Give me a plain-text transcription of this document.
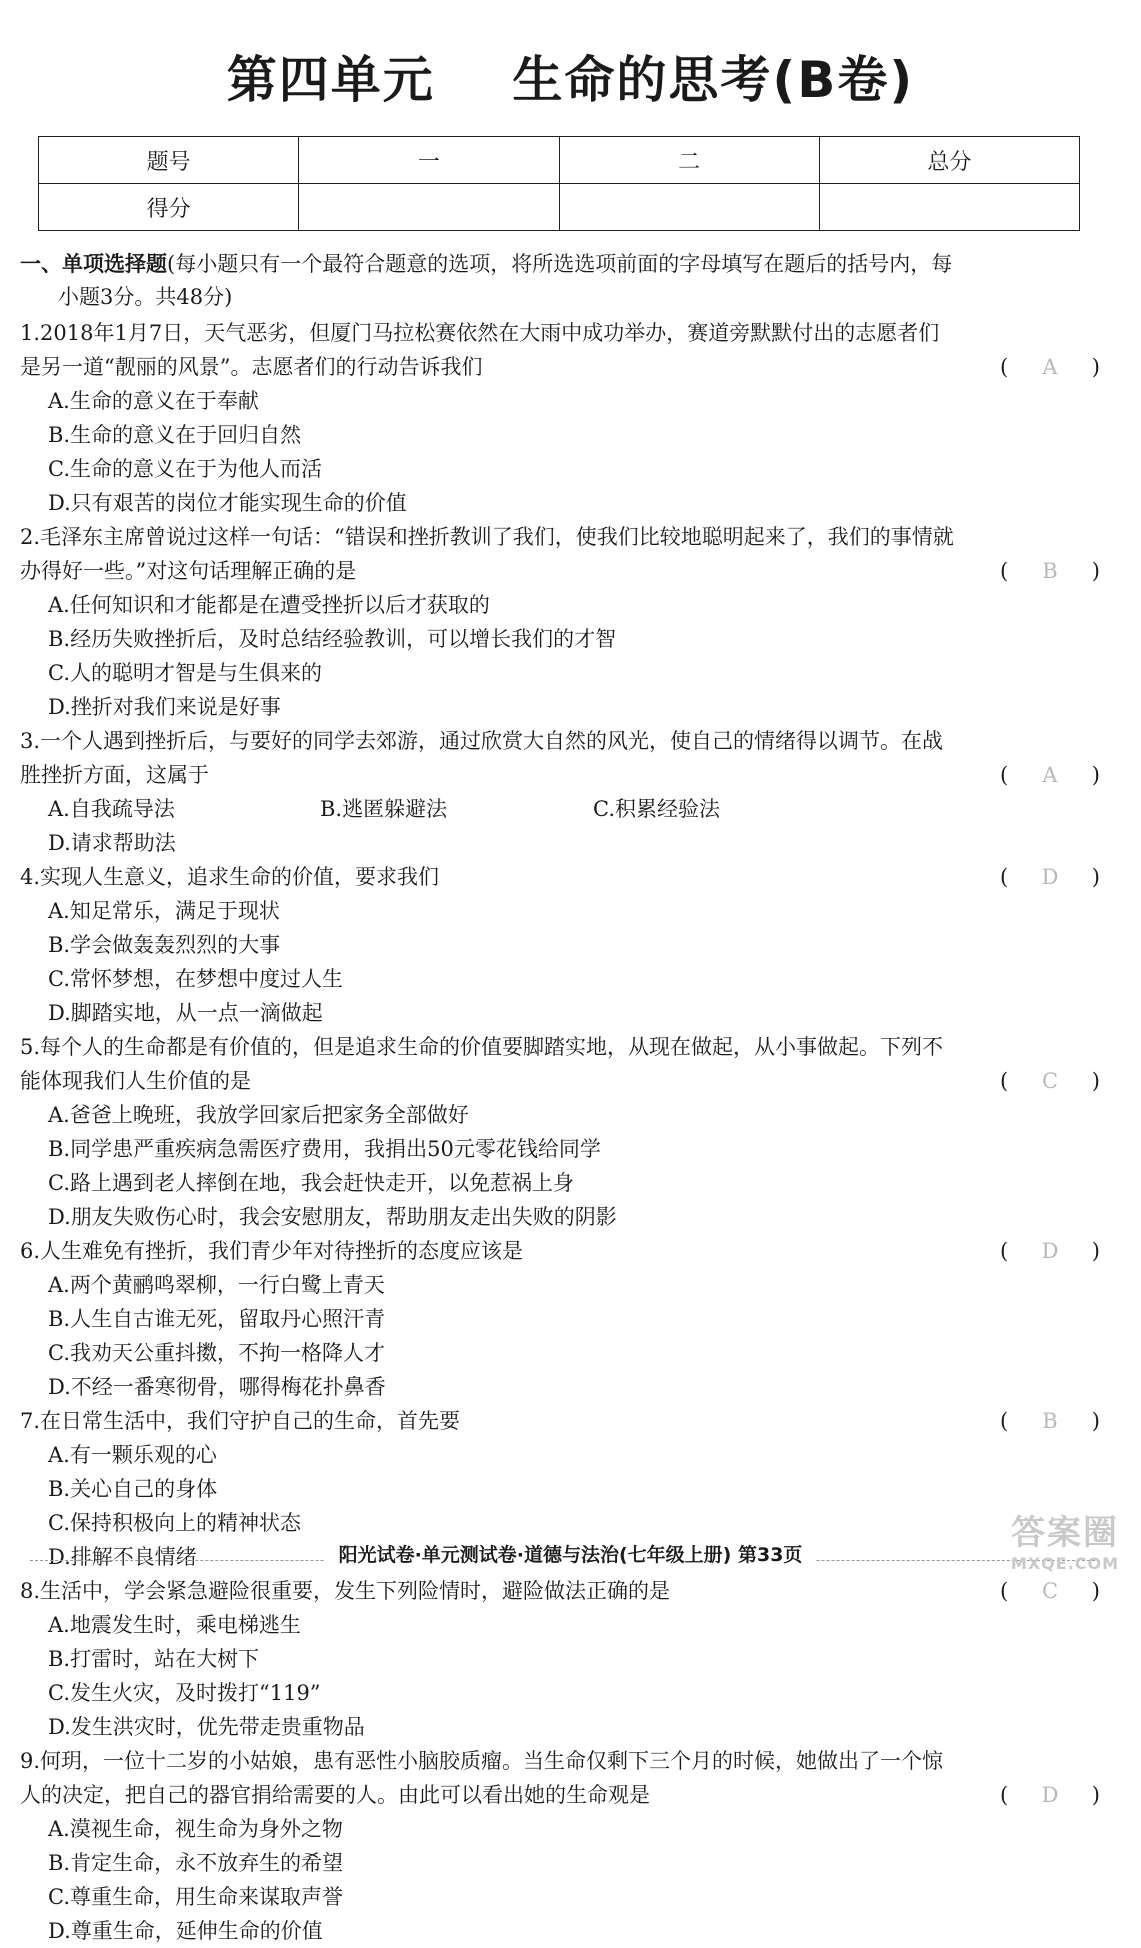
第四单元    生命的思考(B卷)
题号	一	二	总分
得分			
一、单项选择题(每小题只有一个最符合题意的选项，将所选选项前面的字母填写在题后的括号内，每
小题3分。共48分)
1.2018年1月7日，天气恶劣，但厦门马拉松赛依然在大雨中成功举办，赛道旁默默付出的志愿者们
是另一道“靓丽的风景”。志愿者们的行动告诉我们	( A )
A.生命的意义在于奉献
B.生命的意义在于回归自然
C.生命的意义在于为他人而活
D.只有艰苦的岗位才能实现生命的价值
2.毛泽东主席曾说过这样一句话：“错误和挫折教训了我们，使我们比较地聪明起来了，我们的事情就
办得好一些。”对这句话理解正确的是	( B )
A.任何知识和才能都是在遭受挫折以后才获取的
B.经历失败挫折后，及时总结经验教训，可以增长我们的才智
C.人的聪明才智是与生俱来的
D.挫折对我们来说是好事
3.一个人遇到挫折后，与要好的同学去郊游，通过欣赏大自然的风光，使自己的情绪得以调节。在战
胜挫折方面，这属于	( A )
A.自我疏导法	B.逃匿躲避法	C.积累经验法
D.请求帮助法
4.实现人生意义，追求生命的价值，要求我们	( D )
A.知足常乐，满足于现状
B.学会做轰轰烈烈的大事
C.常怀梦想，在梦想中度过人生
D.脚踏实地，从一点一滴做起
5.每个人的生命都是有价值的，但是追求生命的价值要脚踏实地，从现在做起，从小事做起。下列不
能体现我们人生价值的是	( C )
A.爸爸上晚班，我放学回家后把家务全部做好
B.同学患严重疾病急需医疗费用，我捐出50元零花钱给同学
C.路上遇到老人摔倒在地，我会赶快走开，以免惹祸上身
D.朋友失败伤心时，我会安慰朋友，帮助朋友走出失败的阴影
6.人生难免有挫折，我们青少年对待挫折的态度应该是	( D )
A.两个黄鹂鸣翠柳，一行白鹭上青天
B.人生自古谁无死，留取丹心照汗青
C.我劝天公重抖擞，不拘一格降人才
D.不经一番寒彻骨，哪得梅花扑鼻香
7.在日常生活中，我们守护自己的生命，首先要	( B )
A.有一颗乐观的心
B.关心自己的身体
C.保持积极向上的精神状态
D.排解不良情绪
8.生活中，学会紧急避险很重要，发生下列险情时，避险做法正确的是	( C )
A.地震发生时，乘电梯逃生
B.打雷时，站在大树下
C.发生火灾，及时拨打“119”
D.发生洪灾时，优先带走贵重物品
9.何玥，一位十二岁的小姑娘，患有恶性小脑胶质瘤。当生命仅剩下三个月的时候，她做出了一个惊
人的决定，把自己的器官捐给需要的人。由此可以看出她的生命观是	( D )
A.漠视生命，视生命为身外之物
B.肯定生命，永不放弃生的希望
C.尊重生命，用生命来谋取声誉
D.尊重生命，延伸生命的价值
阳光试卷·单元测试卷·道德与法治(七年级上册) 第33页
答案圈
MXQE.COM
